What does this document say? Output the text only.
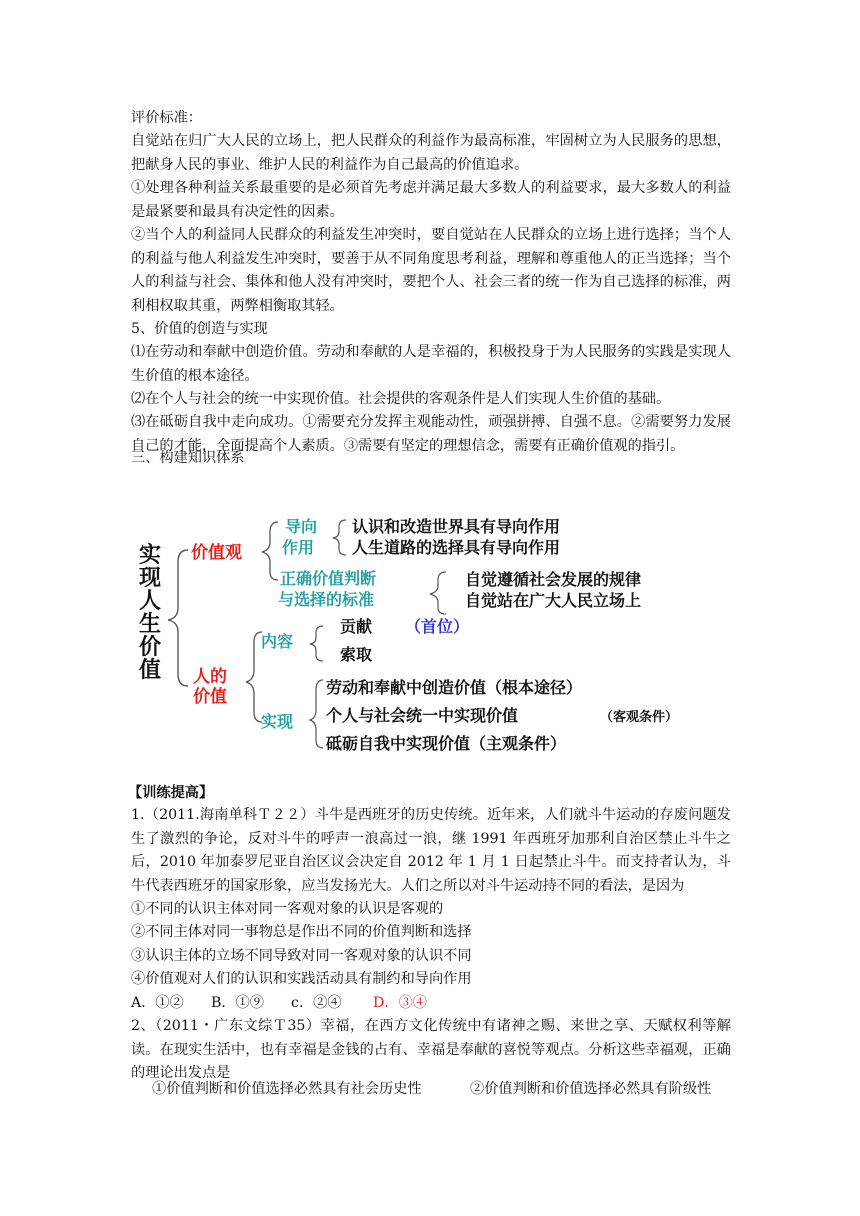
评价标准：

自觉站在归广大人民的立场上，把人民群众的利益作为最高标准，牢固树立为人民服务的思想，把献身人民的事业、维护人民的利益作为自己最高的价值追求。

①处理各种利益关系最重要的是必须首先考虑并满足最大多数人的利益要求，最大多数人的利益是最紧要和最具有决定性的因素。

②当个人的利益同人民群众的利益发生冲突时，要自觉站在人民群众的立场上进行选择；当个人的利益与他人利益发生冲突时，要善于从不同角度思考利益，理解和尊重他人的正当选择；当个人的利益与社会、集体和他人没有冲突时，要把个人、社会三者的统一作为自己选择的标准，两利相权取其重，两弊相衡取其轻。

5、价值的创造与实现

⑴在劳动和奉献中创造价值。劳动和奉献的人是幸福的，积极投身于为人民服务的实践是实现人生价值的根本途径。

⑵在个人与社会的统一中实现价值。社会提供的客观条件是人们实现人生价值的基础。

⑶在砥砺自我中走向成功。①需要充分发挥主观能动性，顽强拼搏、自强不息。②需要努力发展自己的才能，全面提高个人素质。③需要有坚定的理想信念，需要有正确价值观的指引。

三、构建知识体系
实现人生价值
价值观
导向
作用
认识和改造世界具有导向作用
人生道路的选择具有导向作用
正确价值判断
与选择的标准
自觉遵循社会发展的规律
自觉站在广大人民立场上
人的
价值
内容
贡献 （首位）
索取
实现
劳动和奉献中创造价值（根本途径）
个人与社会统一中实现价值	（客观条件）
砥砺自我中实现价值（主观条件）
【训练提高】

1.（2011.海南单科Ｔ２２）斗牛是西班牙的历史传统。近年来，人们就斗牛运动的存废问题发生了激烈的争论，反对斗牛的呼声一浪高过一浪，继 1991 年西班牙加那利自治区禁止斗牛之后，2010 年加泰罗尼亚自治区议会决定自 2012 年 1 月 1 日起禁止斗牛。而支持者认为，斗牛代表西班牙的国家形象，应当发扬光大。人们之所以对斗牛运动持不同的看法，是因为

①不同的认识主体对同一客观对象的认识是客观的
②不同主体对同一事物总是作出不同的价值判断和选择
③认识主体的立场不同导致对同一客观对象的认识不同
④价值观对人们的认识和实践活动具有制约和导向作用
A．①② B．①⑨ c．②④ D．③④

2、（2011・广东文综Ｔ35）幸福，在西方文化传统中有诸神之赐、来世之享、天赋权利等解读。在现实生活中，也有幸福是金钱的占有、幸福是奉献的喜悦等观点。分析这些幸福观，正确的理论出发点是

①价值判断和价值选择必然具有社会历史性	②价值判断和价值选择必然具有阶级性
